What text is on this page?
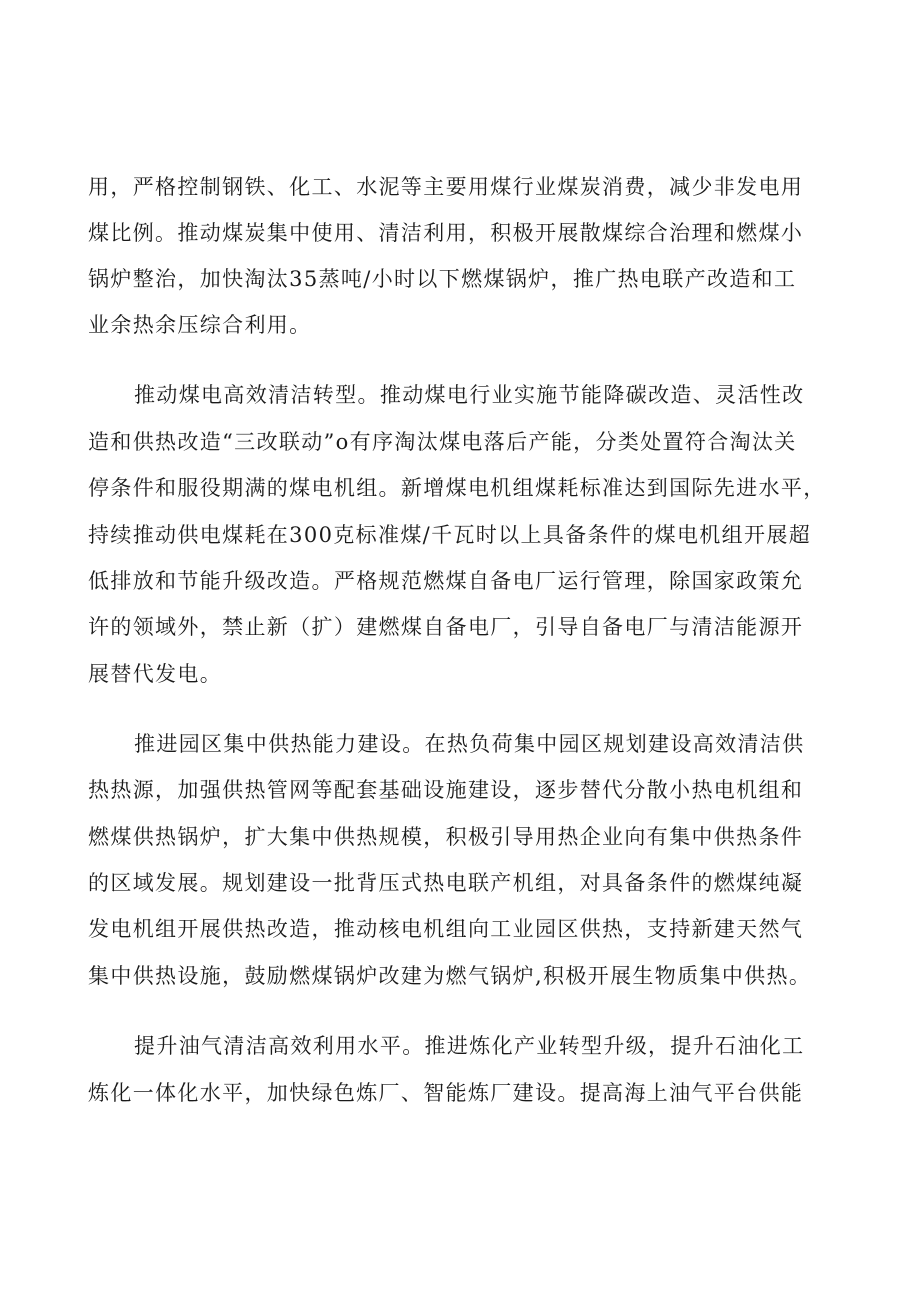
用，严格控制钢铁、化工、水泥等主要用煤行业煤炭消费，减少非发电用
煤比例。推动煤炭集中使用、清洁利用，积极开展散煤综合治理和燃煤小
锅炉整治，加快淘汰35蒸吨/小时以下燃煤锅炉，推广热电联产改造和工
业余热余压综合利用。
推动煤电高效清洁转型。推动煤电行业实施节能降碳改造、灵活性改
造和供热改造“三改联动”o有序淘汰煤电落后产能，分类处置符合淘汰关
停条件和服役期满的煤电机组。新增煤电机组煤耗标准达到国际先进水平，
持续推动供电煤耗在300克标准煤/千瓦时以上具备条件的煤电机组开展超
低排放和节能升级改造。严格规范燃煤自备电厂运行管理，除国家政策允
许的领域外，禁止新（扩）建燃煤自备电厂，引导自备电厂与清洁能源开
展替代发电。
推进园区集中供热能力建设。在热负荷集中园区规划建设高效清洁供
热热源，加强供热管网等配套基础设施建设，逐步替代分散小热电机组和
燃煤供热锅炉，扩大集中供热规模，积极引导用热企业向有集中供热条件
的区域发展。规划建设一批背压式热电联产机组，对具备条件的燃煤纯凝
发电机组开展供热改造，推动核电机组向工业园区供热，支持新建天然气
集中供热设施，鼓励燃煤锅炉改建为燃气锅炉,积极开展生物质集中供热。
提升油气清洁高效利用水平。推进炼化产业转型升级，提升石油化工
炼化一体化水平，加快绿色炼厂、智能炼厂建设。提高海上油气平台供能
